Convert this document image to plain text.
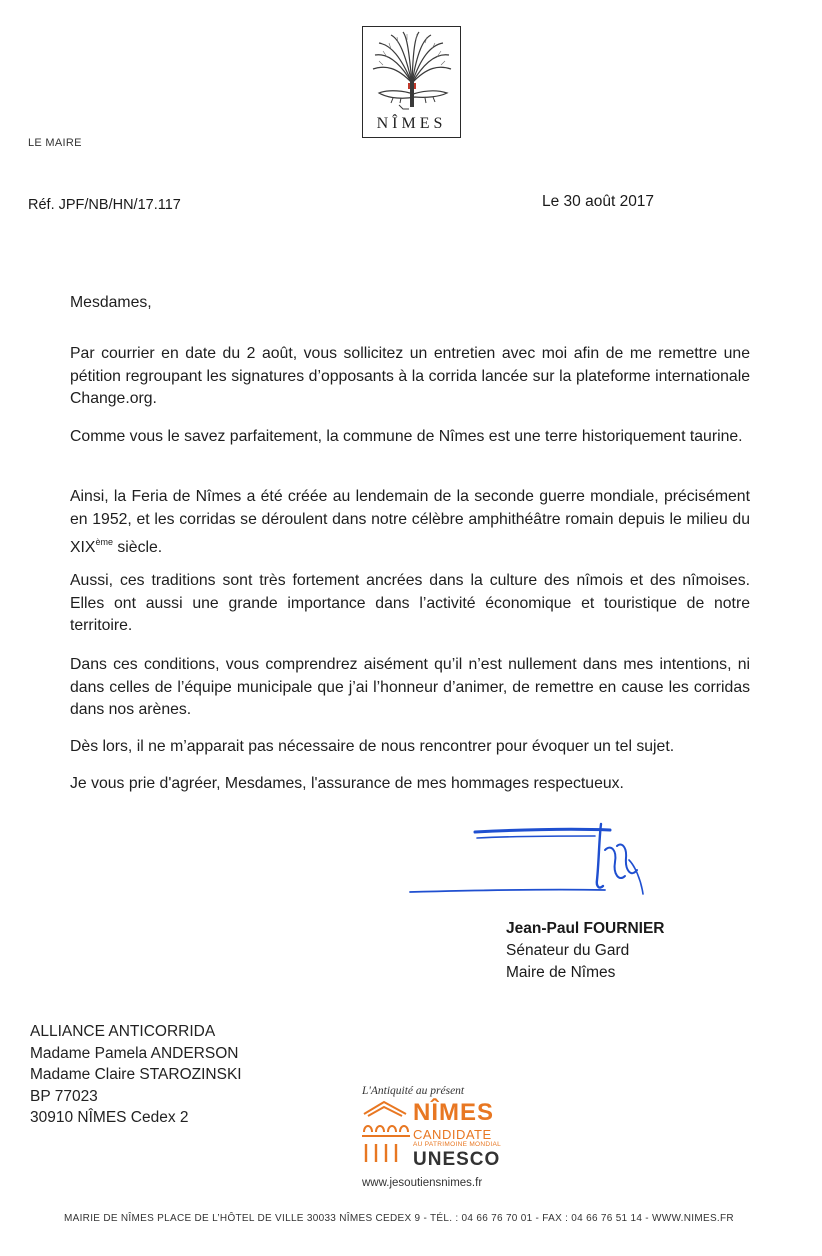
NÎMES
LE MAIRE
Réf. JPF/NB/HN/17.117	Le 30 août 2017
Mesdames,
Par courrier en date du 2 août, vous sollicitez un entretien avec moi afin de me remettre une pétition regroupant les signatures d’opposants à la corrida lancée sur la plateforme internationale Change.org.
Comme vous le savez parfaitement, la commune de Nîmes est une terre historiquement taurine.
Ainsi, la Feria de Nîmes a été créée au lendemain de la seconde guerre mondiale, précisément en 1952, et les corridas se déroulent dans notre célèbre amphithéâtre romain depuis le milieu du XIXème siècle.
Aussi, ces traditions sont très fortement ancrées dans la culture des nîmois et des nîmoises. Elles ont aussi une grande importance dans l’activité économique et touristique de notre territoire.
Dans ces conditions, vous comprendrez aisément qu’il n’est nullement dans mes intentions, ni dans celles de l’équipe municipale que j’ai l’honneur d’animer, de remettre en cause les corridas dans nos arènes.
Dès lors, il ne m’apparait pas nécessaire de nous rencontrer pour évoquer un tel sujet.
Je vous prie d'agréer, Mesdames, l'assurance de mes hommages respectueux.
Jean-Paul FOURNIER
Sénateur du Gard
Maire de Nîmes
ALLIANCE ANTICORRIDA
Madame Pamela ANDERSON
Madame Claire STAROZINSKI
BP 77023
30910 NÎMES Cedex 2
L'Antiquité au présent
NÎMES
CANDIDATE
AU PATRIMOINE MONDIAL
UNESCO
www.jesoutiensnimes.fr
MAIRIE DE NÎMES PLACE DE L’HÔTEL DE VILLE 30033 NÎMES CEDEX 9 - TÉL. : 04 66 76 70 01 - FAX : 04 66 76 51 14 - WWW.NIMES.FR
